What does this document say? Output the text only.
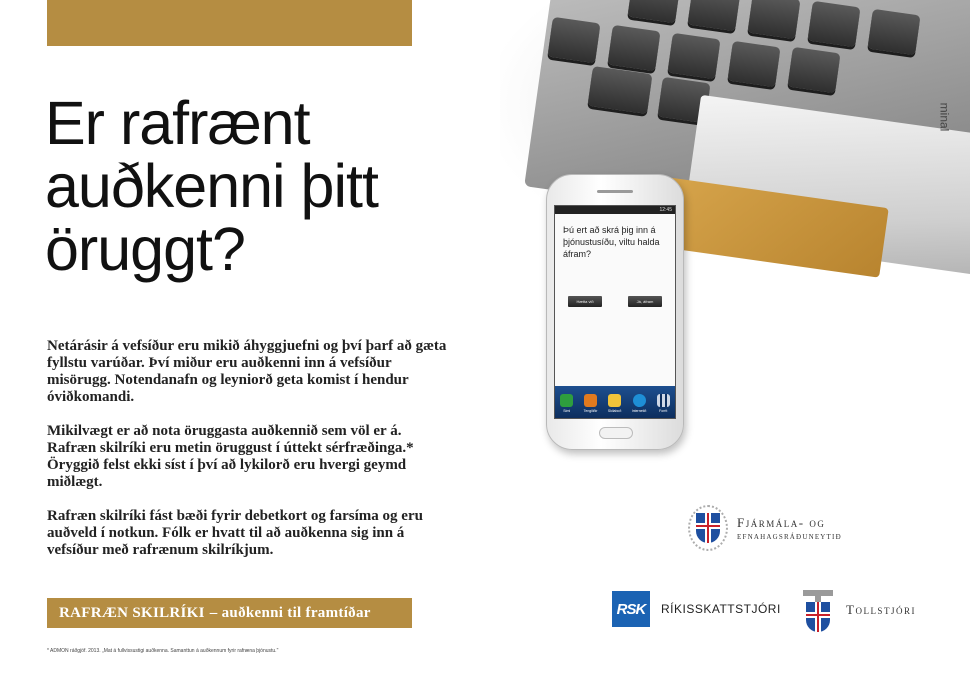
Er rafrænt
auðkenni þitt
öruggt?

Netárásir á vefsíður eru mikið áhyggjuefni og því þarf að gæta fyllstu varúðar. Því miður eru auðkenni inn á vefsíður misörugg. Notendanafn og leyniorð geta komist í hendur óviðkomandi.

Mikilvægt er að nota öruggasta auðkennið sem völ er á. Rafræn skilríki eru metin öruggust í úttekt sérfræðinga.* Öryggið felst ekki síst í því að lykilorð eru hvergi geymd miðlægt.

Rafræn skilríki fást bæði fyrir debetkort og farsíma og eru auðveld í notkun. Fólk er hvatt til að auðkenna sig inn á vefsíður með rafrænum skilríkjum.

RAFRÆN SKILRÍKI – auðkenni til framtíðar
* ADMON ráðgjöf. 2013. „Mat á fullvissustigi auðkenna. Samanttun á auðkennum fyrir rafræna þjónustu."
minal
12:45
Þú ert að skrá þig inn á þjónustusíðu, viltu halda áfram?
Hætta við	Já, áfram
Sími	Tengiliðir	Skilaboð	Internetið	Forrit
Fjármála- og
efnahagsráðuneytið
RSK	RÍKISSKATTSTJÓRI	Tollstjóri
